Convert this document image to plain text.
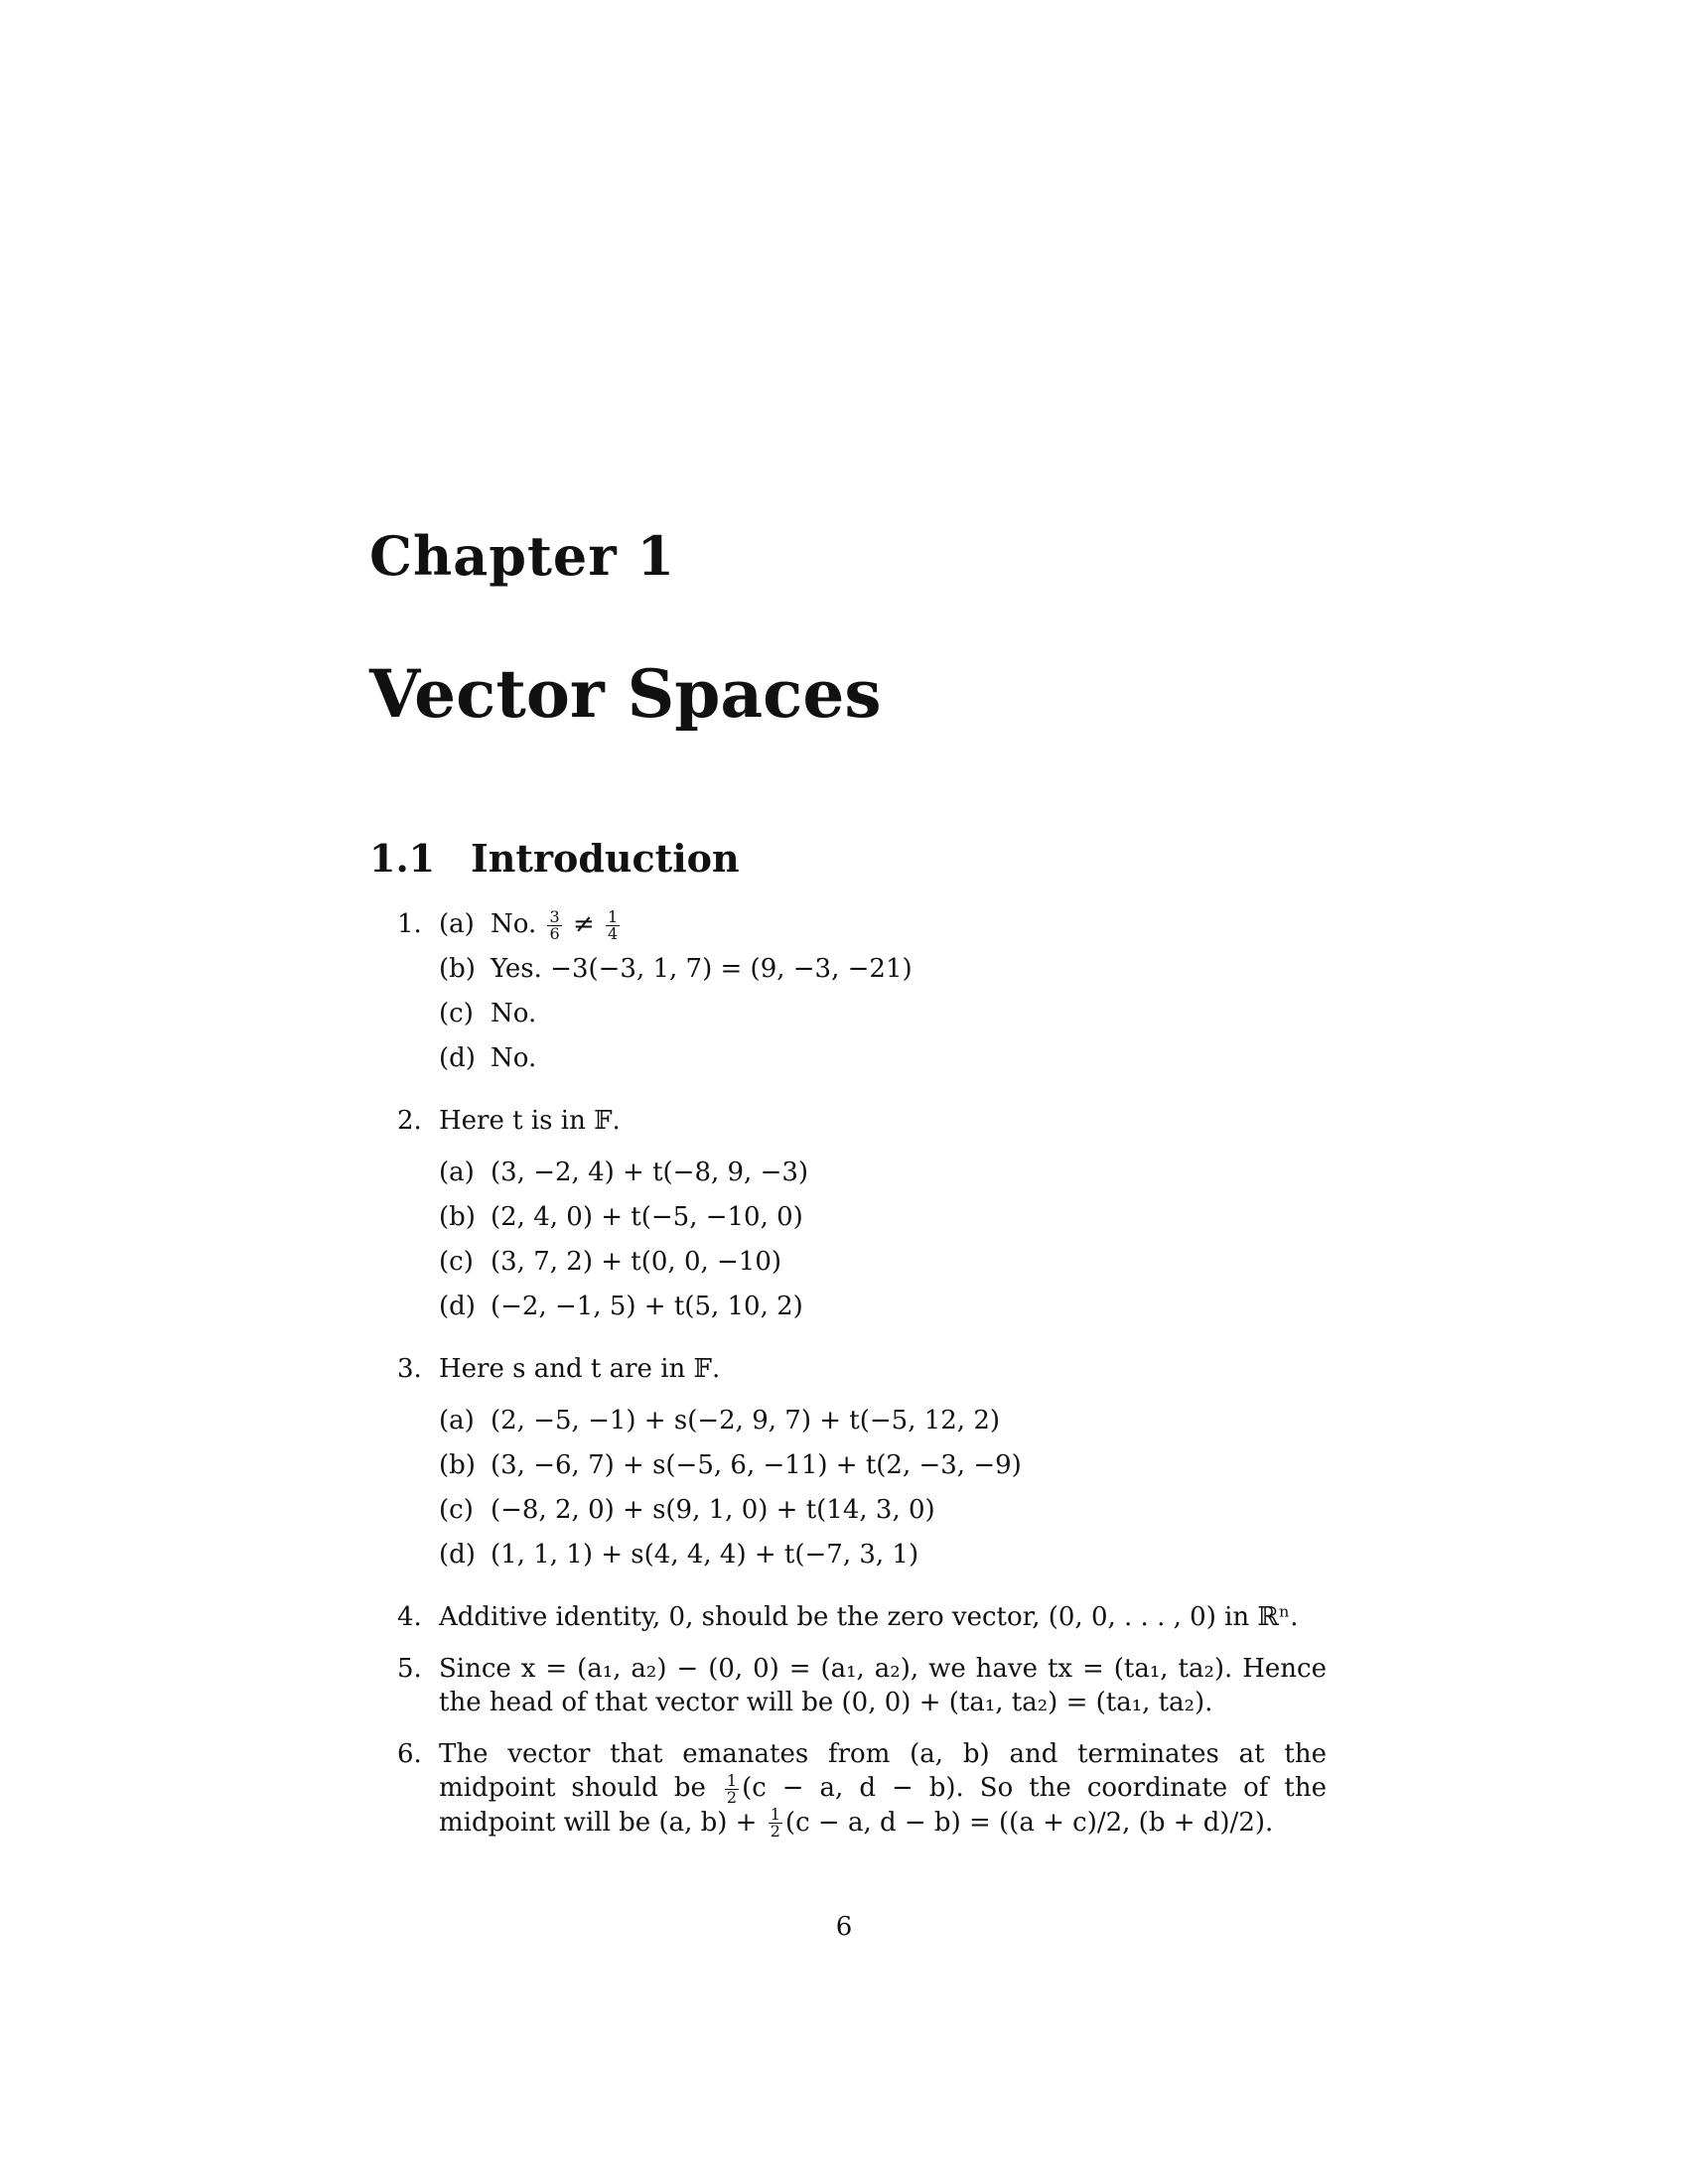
Chapter 1
Vector Spaces
1.1 Introduction
1. (a) No. $\frac{3}{6} \ne \frac{1}{4}$
(b) Yes. −3(−3, 1, 7) = (9, −3, −21)
(c) No.
(d) No.
2. Here t is in 𝔽.

(a) (3, −2, 4) + t(−8, 9, −3)
(b) (2, 4, 0) + t(−5, −10, 0)
(c) (3, 7, 2) + t(0, 0, −10)
(d) (−2, −1, 5) + t(5, 10, 2)
3. Here s and t are in 𝔽.

(a) (2, −5, −1) + s(−2, 9, 7) + t(−5, 12, 2)
(b) (3, −6, 7) + s(−5, 6, −11) + t(2, −3, −9)
(c) (−8, 2, 0) + s(9, 1, 0) + t(14, 3, 0)
(d) (1, 1, 1) + s(4, 4, 4) + t(−7, 3, 1)
4. Additive identity, 0, should be the zero vector, (0, 0, . . . , 0) in ℝⁿ.

5. Since x = (a₁, a₂) − (0, 0) = (a₁, a₂), we have tx = (ta₁, ta₂). Hence the head of that vector will be (0, 0) + (ta₁, ta₂) = (ta₁, ta₂).

6. The vector that emanates from (a, b) and terminates at the midpoint should be $\frac{1}{2} (c - a$, d − b). So the coordinate of the midpoint will be (a, $b) + \frac{1}{2} (c - a$, d − b) = ((a + c)/2, (b + d)/2).

6
